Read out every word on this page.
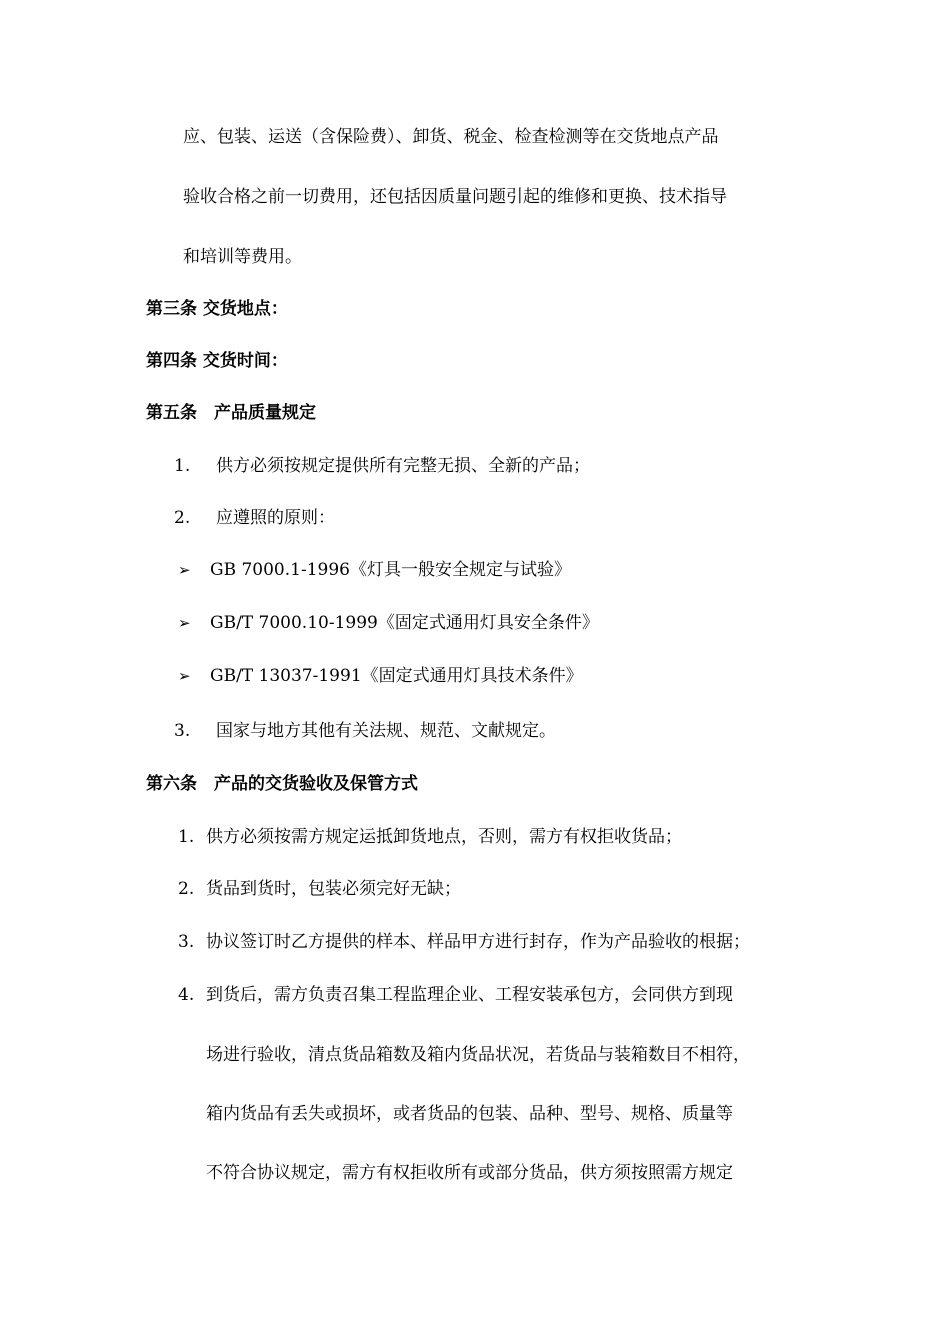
应、包装、运送（含保险费）、卸货、税金、检查检测等在交货地点产品
验收合格之前一切费用，还包括因质量问题引起的维修和更换、技术指导
和培训等费用。
第三条 交货地点：
第四条 交货时间：
第五条　产品质量规定
1. 供方必须按规定提供所有完整无损、全新的产品；
2. 应遵照的原则：
➢ GB 7000.1-1996《灯具一般安全规定与试验》
➢ GB/T 7000.10-1999《固定式通用灯具安全条件》
➢ GB/T 13037-1991《固定式通用灯具技术条件》
3. 国家与地方其他有关法规、规范、文献规定。
第六条　产品的交货验收及保管方式
1. 供方必须按需方规定运抵卸货地点，否则，需方有权拒收货品；
2. 货品到货时，包装必须完好无缺；
3. 协议签订时乙方提供的样本、样品甲方进行封存，作为产品验收的根据；
4. 到货后，需方负责召集工程监理企业、工程安装承包方，会同供方到现
场进行验收，清点货品箱数及箱内货品状况，若货品与装箱数目不相符，
箱内货品有丢失或损坏，或者货品的包装、品种、型号、规格、质量等
不符合协议规定，需方有权拒收所有或部分货品，供方须按照需方规定
